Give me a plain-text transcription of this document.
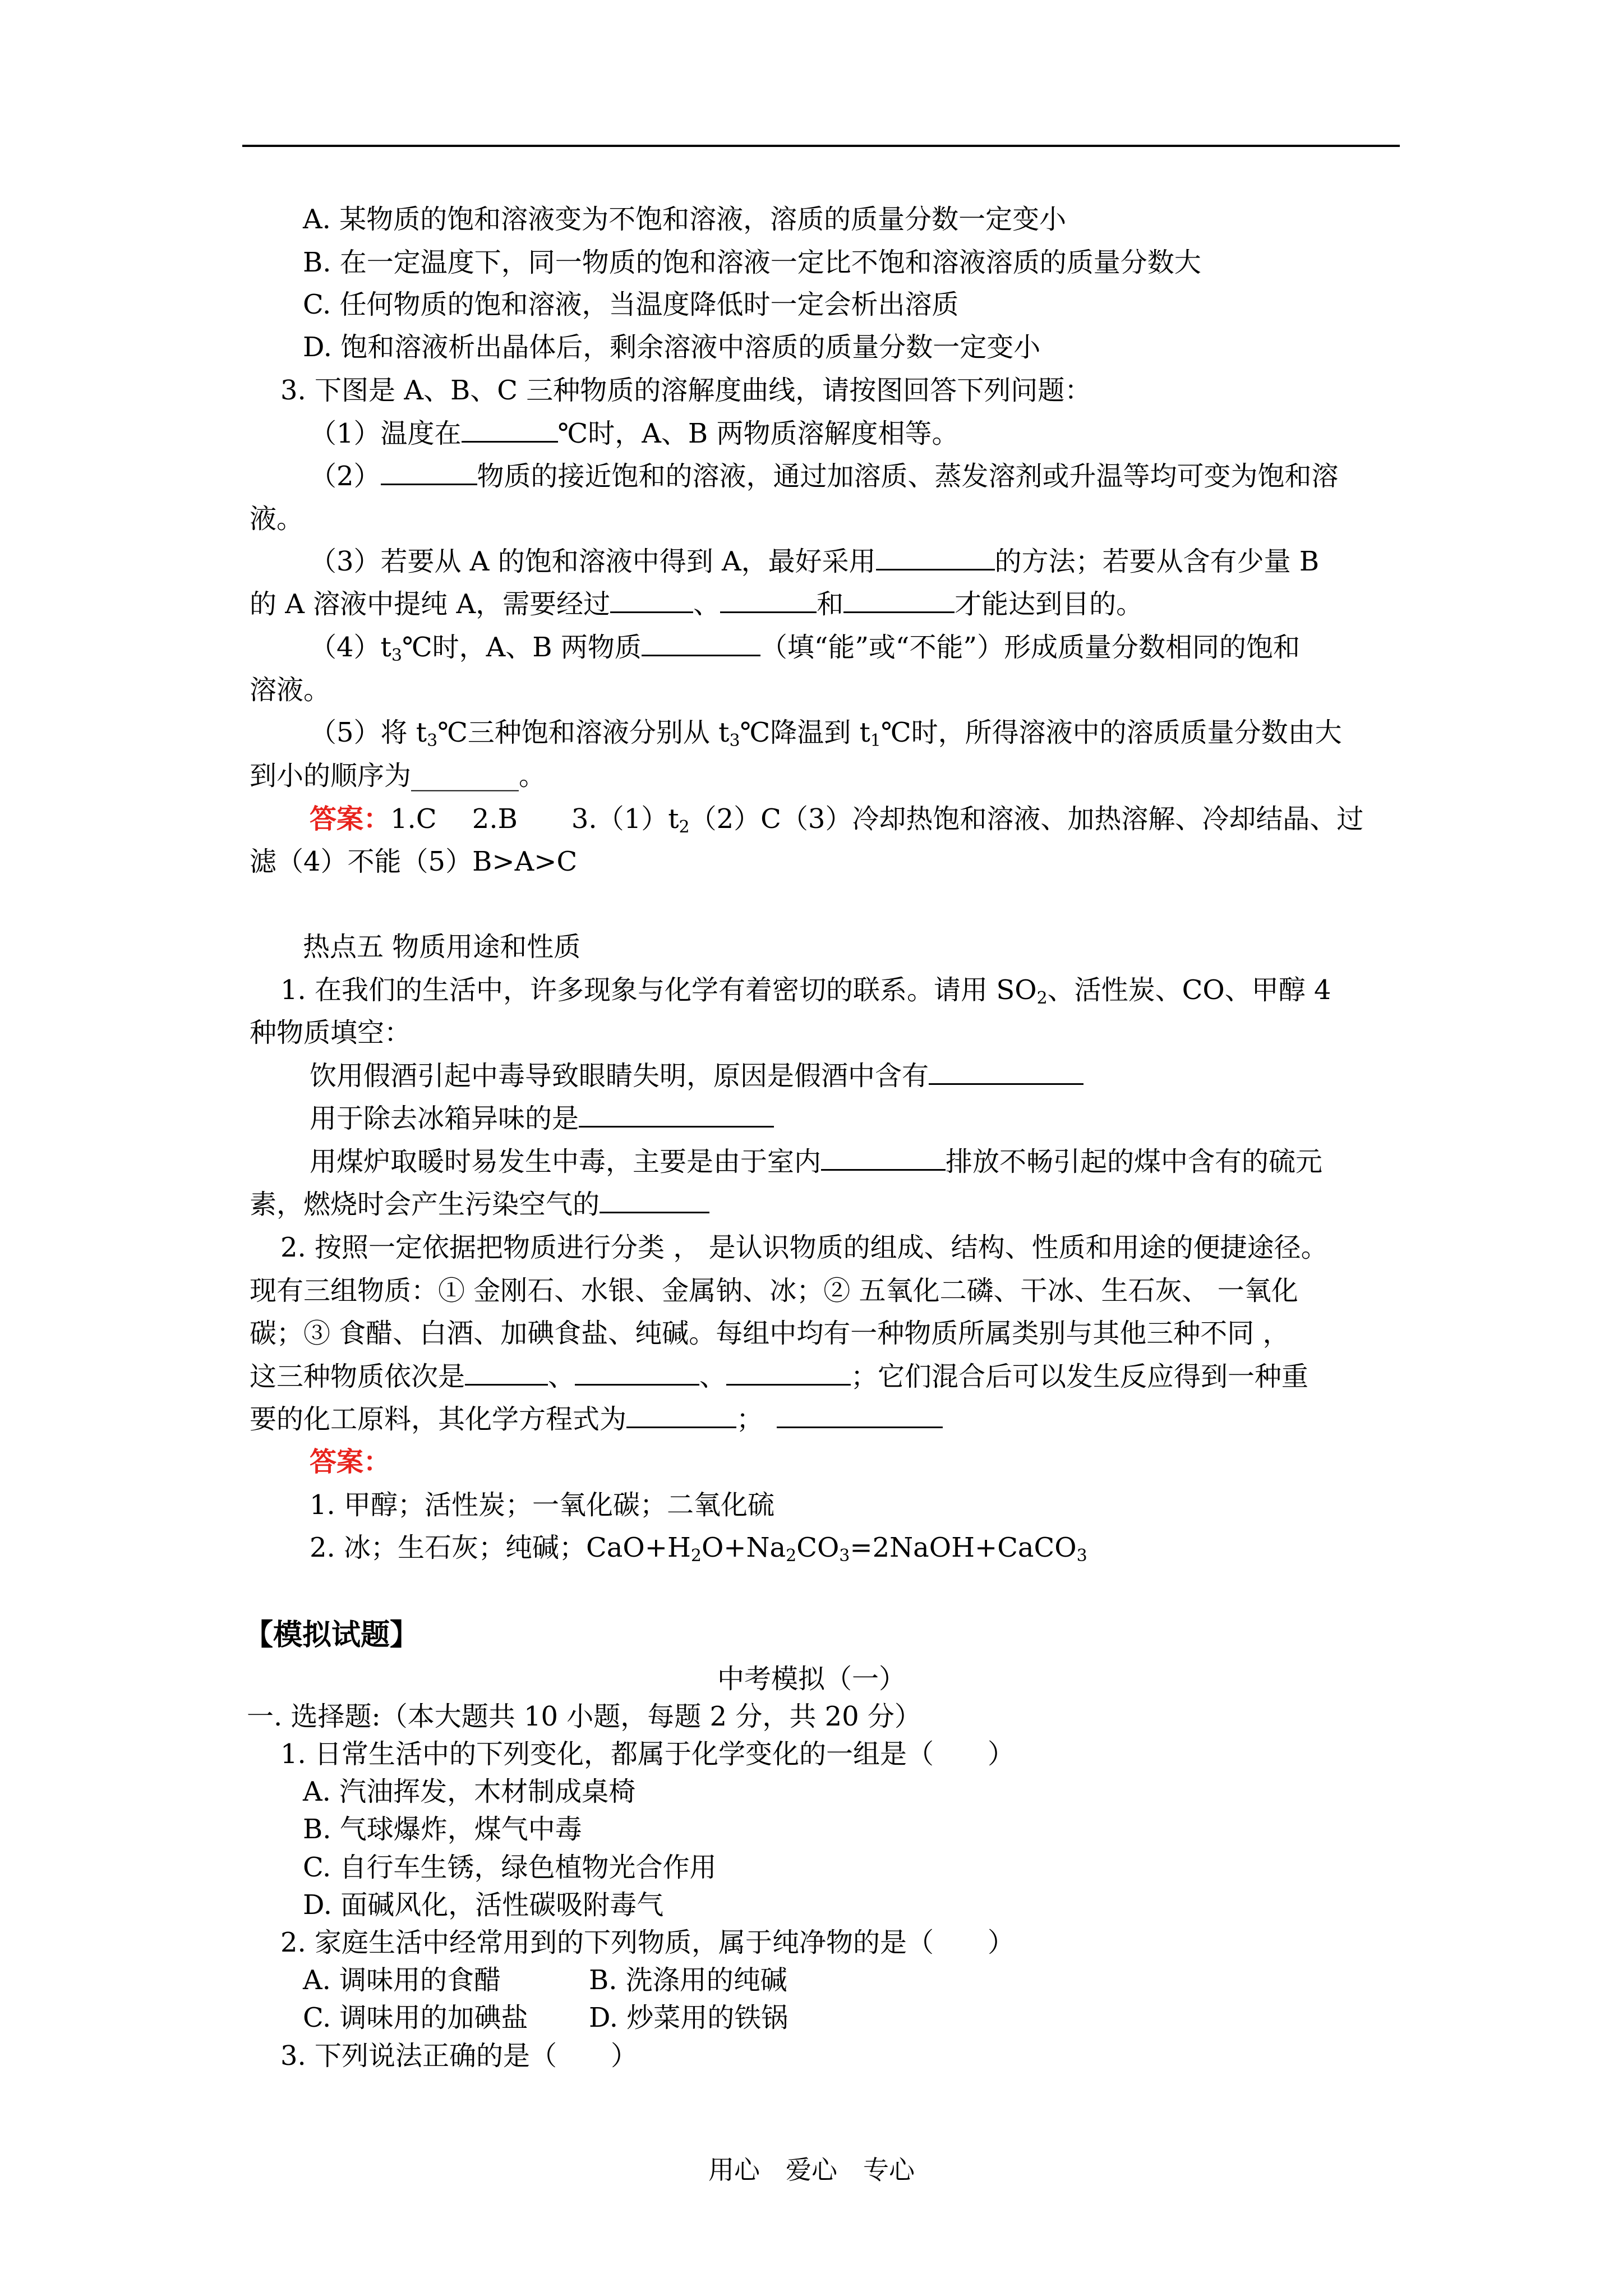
A. 某物质的饱和溶液变为不饱和溶液，溶质的质量分数一定变小
B. 在一定温度下，同一物质的饱和溶液一定比不饱和溶液溶质的质量分数大
C. 任何物质的饱和溶液，当温度降低时一定会析出溶质
D. 饱和溶液析出晶体后，剩余溶液中溶质的质量分数一定变小
3. 下图是 A、B、C 三种物质的溶解度曲线，请按图回答下列问题：
（1）温度在	℃时，A、B 两物质溶解度相等。
（2）	物质的接近饱和的溶液，通过加溶质、蒸发溶剂或升温等均可变为饱和溶
液。
（3）若要从 A 的饱和溶液中得到 A，最好采用	的方法；若要从含有少量 B
的 A 溶液中提纯 A，需要经过	、	和	才能达到目的。
$(4)t_3℃$时，A、B 两物质	（填“能”或“不能”）形成质量分数相同的饱和
溶液。
（5）将 $t_3℃$三种饱和溶液分别从 $t_3℃$降温到 $t_1℃$时，所得溶液中的溶质质量分数由大
到小的顺序为________。
答案：1.C　 2.B　　$3.(1)t_2(2)C(3)$冷却热饱和溶液、加热溶解、冷却结晶、过
滤（4）不能（5）B>A>C
热点五 物质用途和性质
1. 在我们的生活中，许多现象与化学有着密切的联系。请用 $SO_2$、活性炭、CO、甲醇 4
种物质填空：
饮用假酒引起中毒导致眼睛失明，原因是假酒中含有
用于除去冰箱异味的是
用煤炉取暖时易发生中毒，主要是由于室内	排放不畅引起的煤中含有的硫元
素，燃烧时会产生污染空气的
2. 按照一定依据把物质进行分类 ， 是认识物质的组成、结构、性质和用途的便捷途径。
现有三组物质：① 金刚石、水银、金属钠、冰；② 五氧化二磷、干冰、生石灰、 一氧化
碳；③ 食醋、白酒、加碘食盐、纯碱。每组中均有一种物质所属类别与其他三种不同 ，
这三种物质依次是	、	、	；它们混合后可以发生反应得到一种重
要的化工原料，其化学方程式为	；
答案：
1. 甲醇；活性炭；一氧化碳；二氧化硫
2. 冰；生石灰；纯碱；$CaO+H_2O+Na_2CO_3=2NaOH+CaCO_3$
【模拟试题】
中考模拟（一）
一. 选择题:（本大题共 10 小题，每题 2 分，共 20 分）
1. 日常生活中的下列变化，都属于化学变化的一组是（　　）
A. 汽油挥发，木材制成桌椅
B. 气球爆炸，煤气中毒
C. 自行车生锈，绿色植物光合作用
D. 面碱风化，活性碳吸附毒气
2. 家庭生活中经常用到的下列物质，属于纯净物的是（　　）
A. 调味用的食醋	B. 洗涤用的纯碱
C. 调味用的加碘盐 D. 炒菜用的铁锅
3. 下列说法正确的是（　　）
用心　爱心　专心
